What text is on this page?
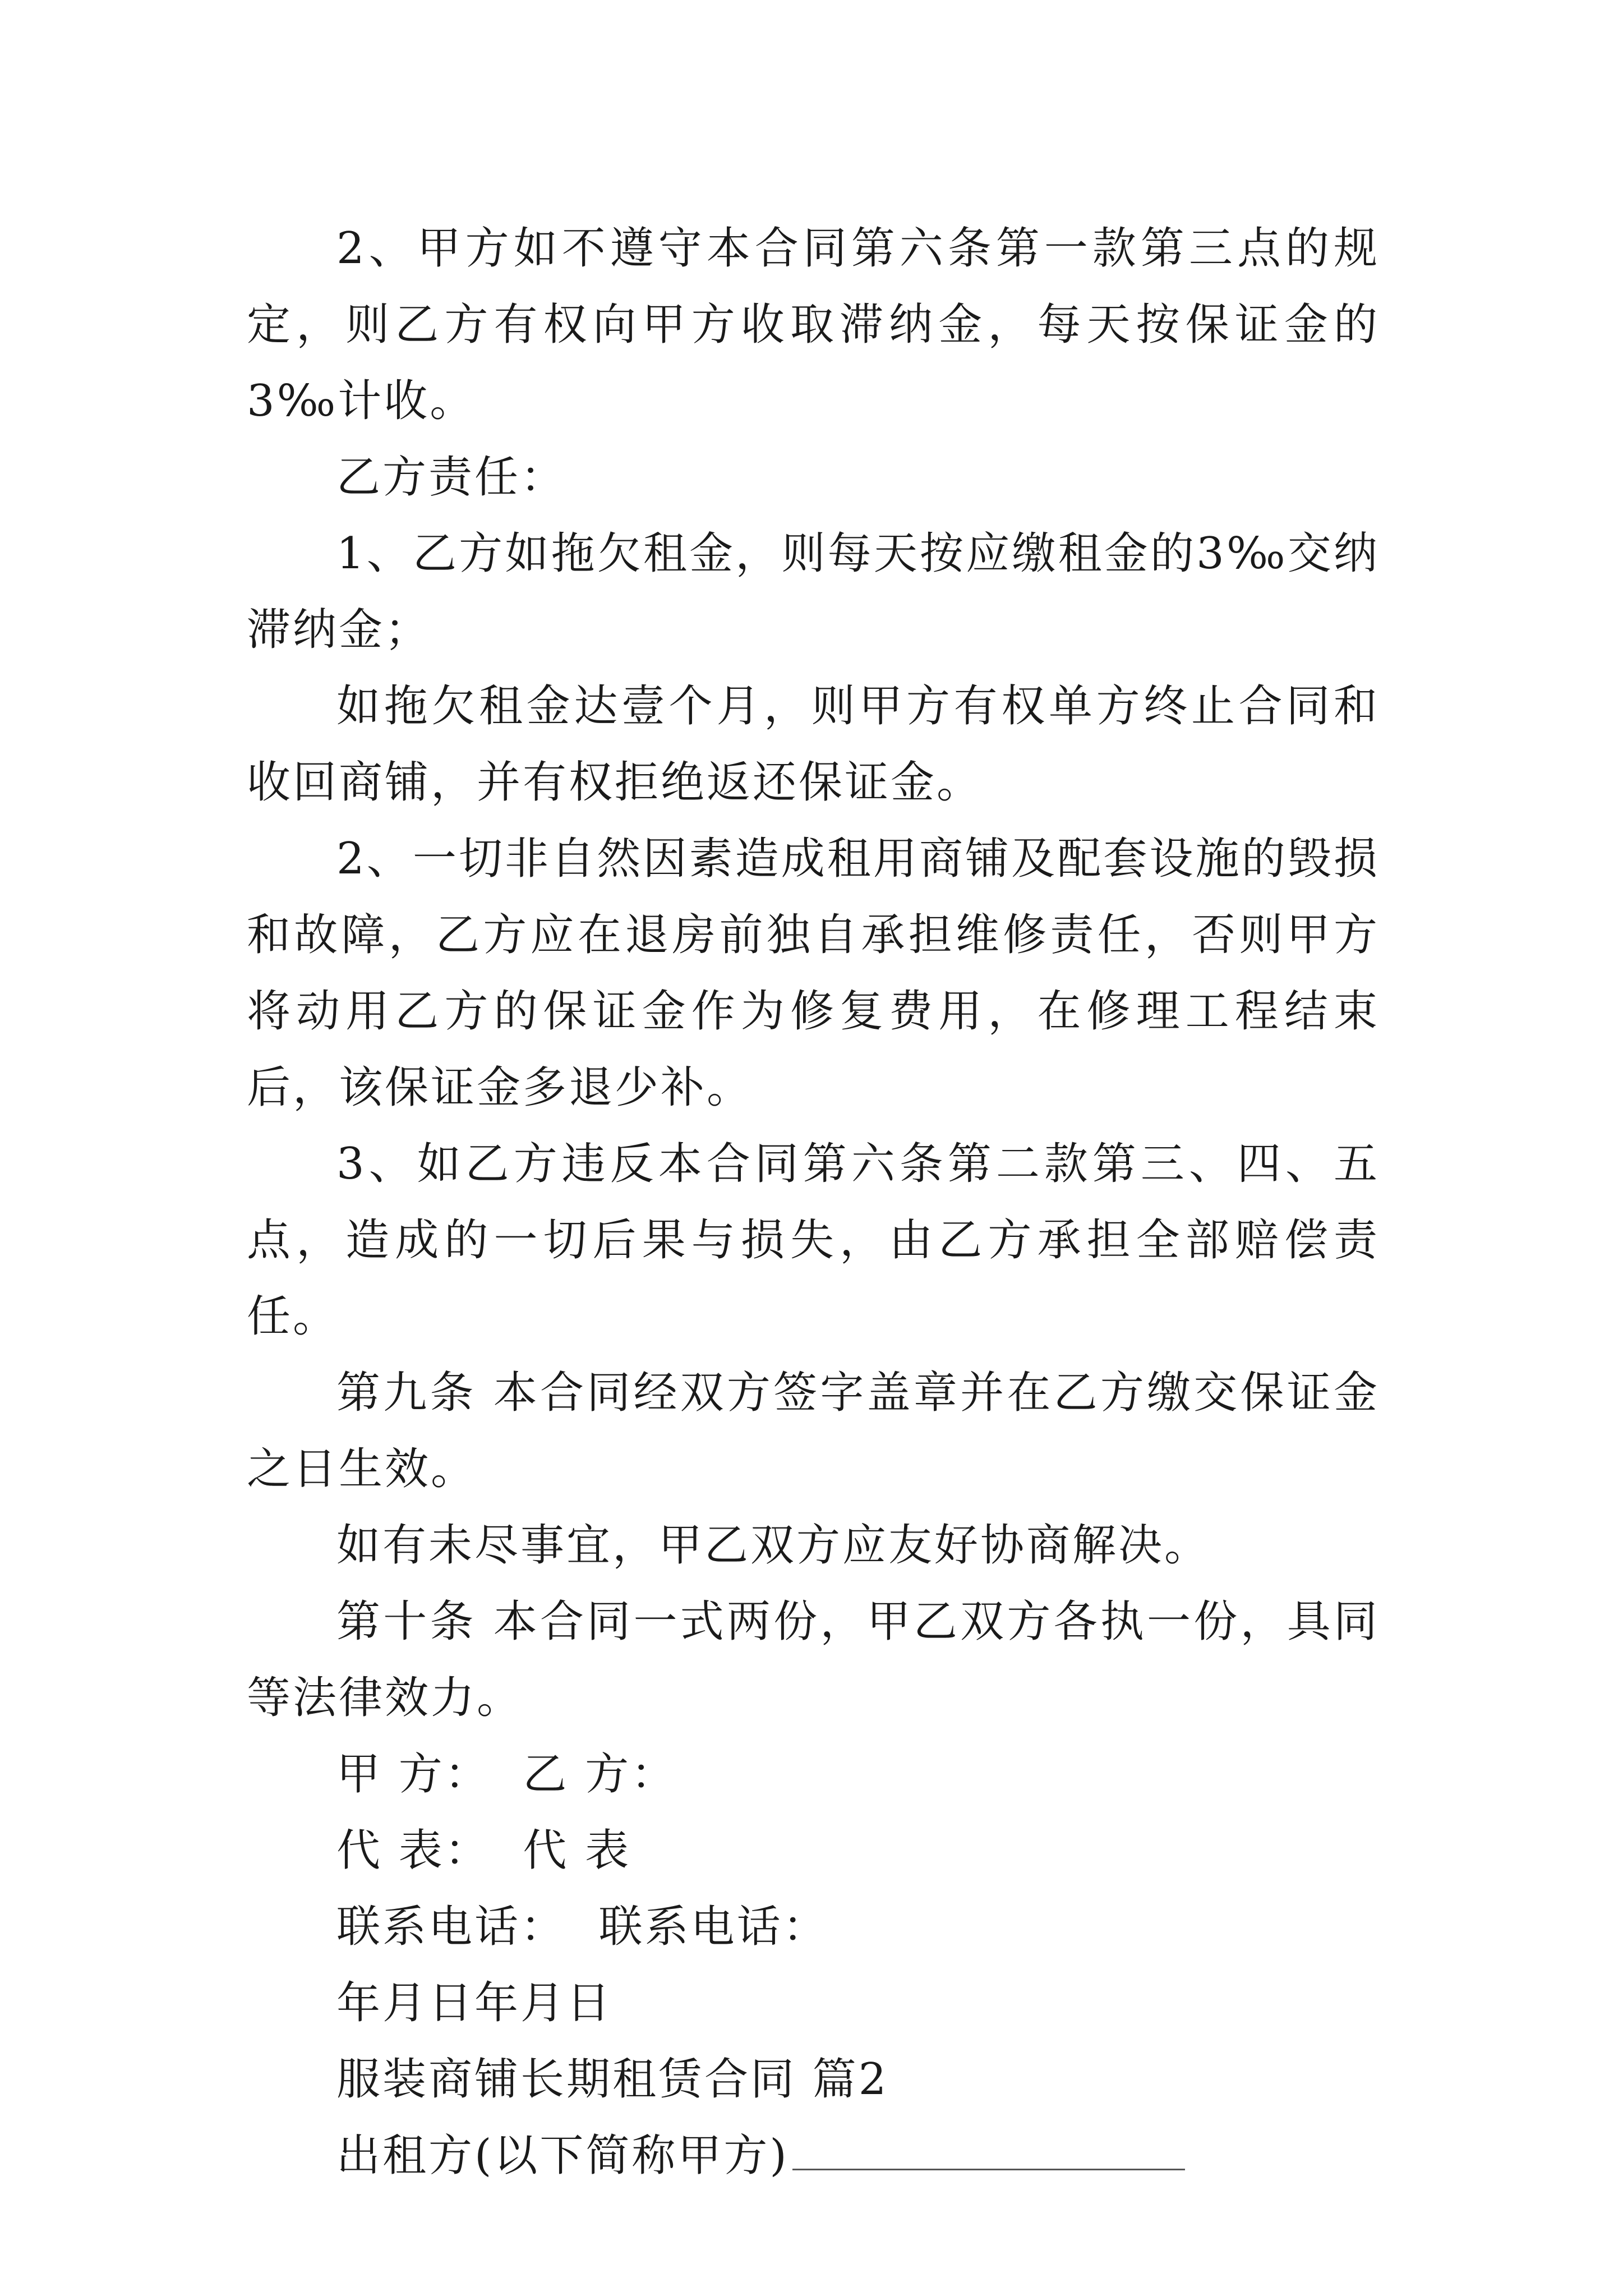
2、甲方如不遵守本合同第六条第一款第三点的规定，则乙方有权向甲方收取滞纳金，每天按保证金的3‰计收。

乙方责任：

1、乙方如拖欠租金，则每天按应缴租金的3‰交纳滞纳金；

如拖欠租金达壹个月，则甲方有权单方终止合同和收回商铺，并有权拒绝返还保证金。

2、一切非自然因素造成租用商铺及配套设施的毁损和故障，乙方应在退房前独自承担维修责任，否则甲方将动用乙方的保证金作为修复费用，在修理工程结束后，该保证金多退少补。

3、如乙方违反本合同第六条第二款第三、四、五点，造成的一切后果与损失，由乙方承担全部赔偿责任。

第九条 本合同经双方签字盖章并在乙方缴交保证金之日生效。

如有未尽事宜，甲乙双方应友好协商解决。

第十条 本合同一式两份，甲乙双方各执一份，具同等法律效力。

甲 方：  乙 方：

代 表：  代 表

联系电话：  联系电话：

年月日年月日

服装商铺长期租赁合同 篇2

出租方(以下简称甲方)
